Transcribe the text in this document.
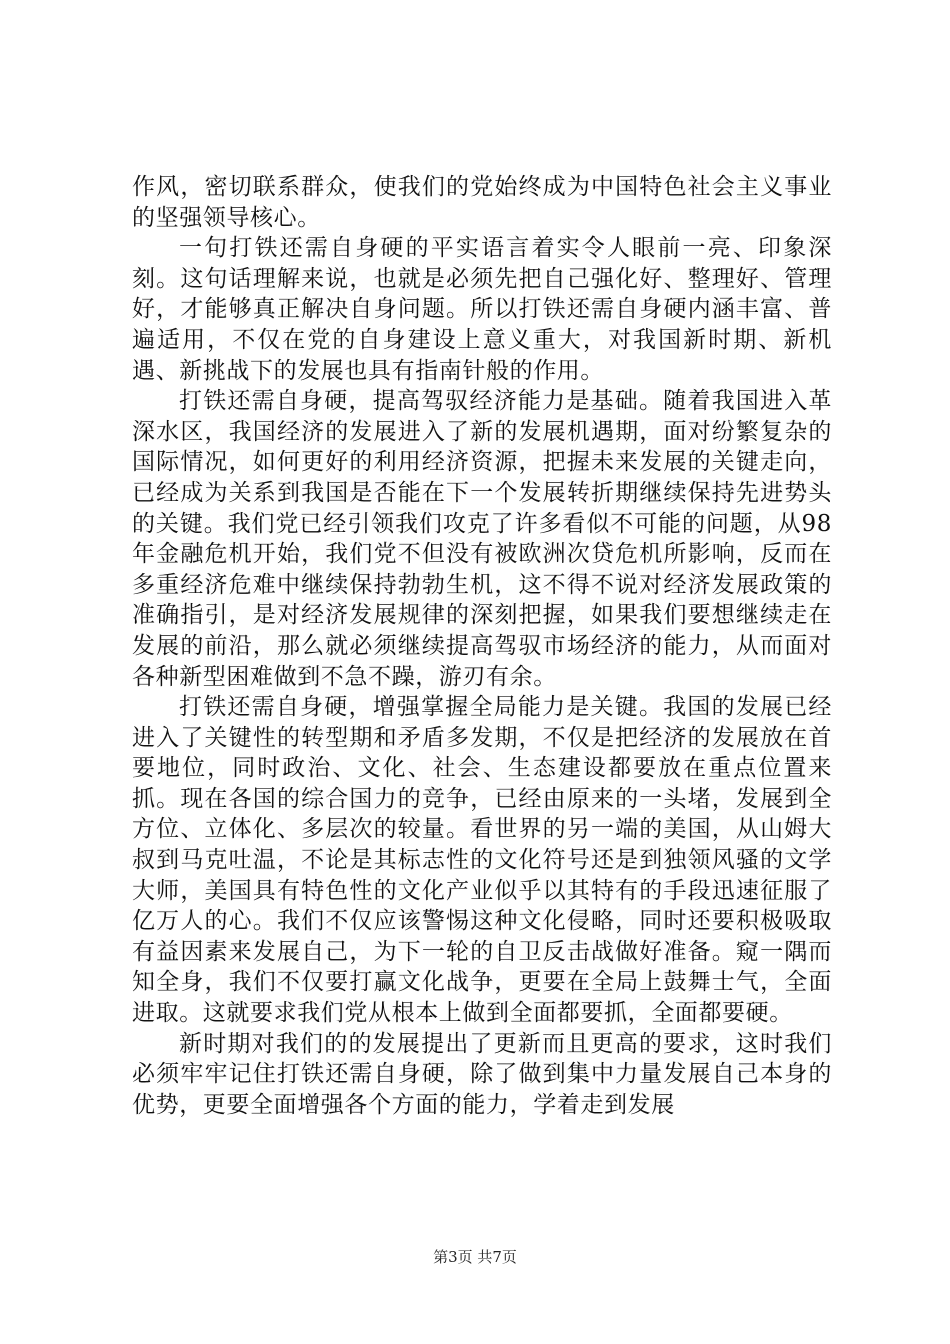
作风，密切联系群众，使我们的党始终成为中国特色社会主义事业的坚强领导核心。

一句打铁还需自身硬的平实语言着实令人眼前一亮、印象深刻。这句话理解来说，也就是必须先把自己强化好、整理好、管理好，才能够真正解决自身问题。所以打铁还需自身硬内涵丰富、普遍适用，不仅在党的自身建设上意义重大，对我国新时期、新机遇、新挑战下的发展也具有指南针般的作用。

打铁还需自身硬，提高驾驭经济能力是基础。随着我国进入革深水区，我国经济的发展进入了新的发展机遇期，面对纷繁复杂的国际情况，如何更好的利用经济资源，把握未来发展的关键走向，已经成为关系到我国是否能在下一个发展转折期继续保持先进势头的关键。我们党已经引领我们攻克了许多看似不可能的问题，从98年金融危机开始，我们党不但没有被欧洲次贷危机所影响，反而在多重经济危难中继续保持勃勃生机，这不得不说对经济发展政策的准确指引，是对经济发展规律的深刻把握，如果我们要想继续走在发展的前沿，那么就必须继续提高驾驭市场经济的能力，从而面对各种新型困难做到不急不躁，游刃有余。

打铁还需自身硬，增强掌握全局能力是关键。我国的发展已经进入了关键性的转型期和矛盾多发期，不仅是把经济的发展放在首要地位，同时政治、文化、社会、生态建设都要放在重点位置来抓。现在各国的综合国力的竞争，已经由原来的一头堵，发展到全方位、立体化、多层次的较量。看世界的另一端的美国，从山姆大叔到马克吐温，不论是其标志性的文化符号还是到独领风骚的文学大师，美国具有特色性的文化产业似乎以其特有的手段迅速征服了亿万人的心。我们不仅应该警惕这种文化侵略，同时还要积极吸取有益因素来发展自己，为下一轮的自卫反击战做好准备。窥一隅而知全身，我们不仅要打赢文化战争，更要在全局上鼓舞士气，全面进取。这就要求我们党从根本上做到全面都要抓，全面都要硬。

新时期对我们的的发展提出了更新而且更高的要求，这时我们必须牢牢记住打铁还需自身硬，除了做到集中力量发展自己本身的优势，更要全面增强各个方面的能力，学着走到发展

第3页 共7页
